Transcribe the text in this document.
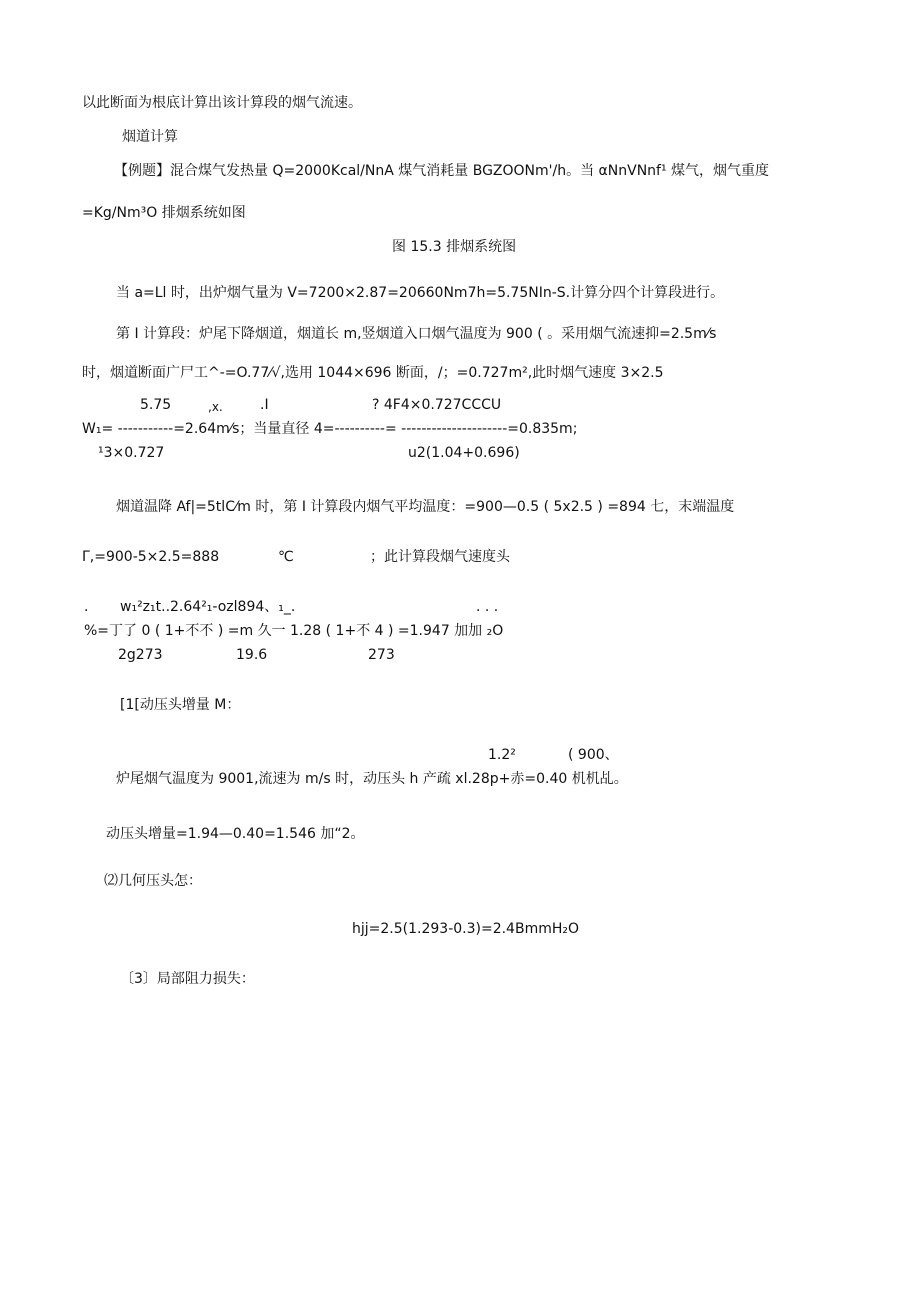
以此断面为根底计算出该计算段的烟气流速。
烟道计算
【例题】混合煤气发热量 Q=2000Kcal/NnA 煤气消耗量 BGZOONm'/h。当 αNnVNnf¹ 煤气，烟气重度
=Kg/Nm³O 排烟系统如图
图 15.3 排烟系统图
当 a=Ll 时，出炉烟气量为 V=7200×2.87=20660Nm7h=5.75NIn-S.计算分四个计算段进行。
第 I 计算段：炉尾下降烟道，烟道长 m,竖烟道入口烟气温度为 900 ( 。采用烟气流速抑=2.5m⁄s
时，烟道断面广尸工^-=O.77⁄√,选用 1044×696 断面，/；=0.727m²,此时烟气速度 3×2.5
5.75	,x.	.I	? 4F4×0.727CCCU
W₁= -----------=2.64m⁄s；当量直径 4=----------= ---------------------=0.835m;
¹3×0.727	u2(1.04+0.696)
烟道温降 Af|=5tlC⁄m 时，第 I 计算段内烟气平均温度：=900—0.5 ( 5x2.5 ) =894 七，末端温度
Γ,=900-5×2.5=888	℃	；此计算段烟气速度头
. w₁²z₁t..2.64²₁-ozl894、₁_.	. . .
%=丁了 0 ( 1+不不 ) =m 久一 1.28 ( 1+不 4 ) =1.947 加加 ₂O
2g273	19.6	273
[1[动压头增量 M：
1.2²	( 900、
炉尾烟气温度为 9001,流速为 m/s 时，动压头 h 产疏 xl.28p+赤=0.40 机机乩。
动压头增量=1.94—0.40=1.546 加“2。
⑵几何压头怎：
hjj=2.5(1.293-0.3)=2.4BmmH₂O
〔3〕局部阻力损失：
